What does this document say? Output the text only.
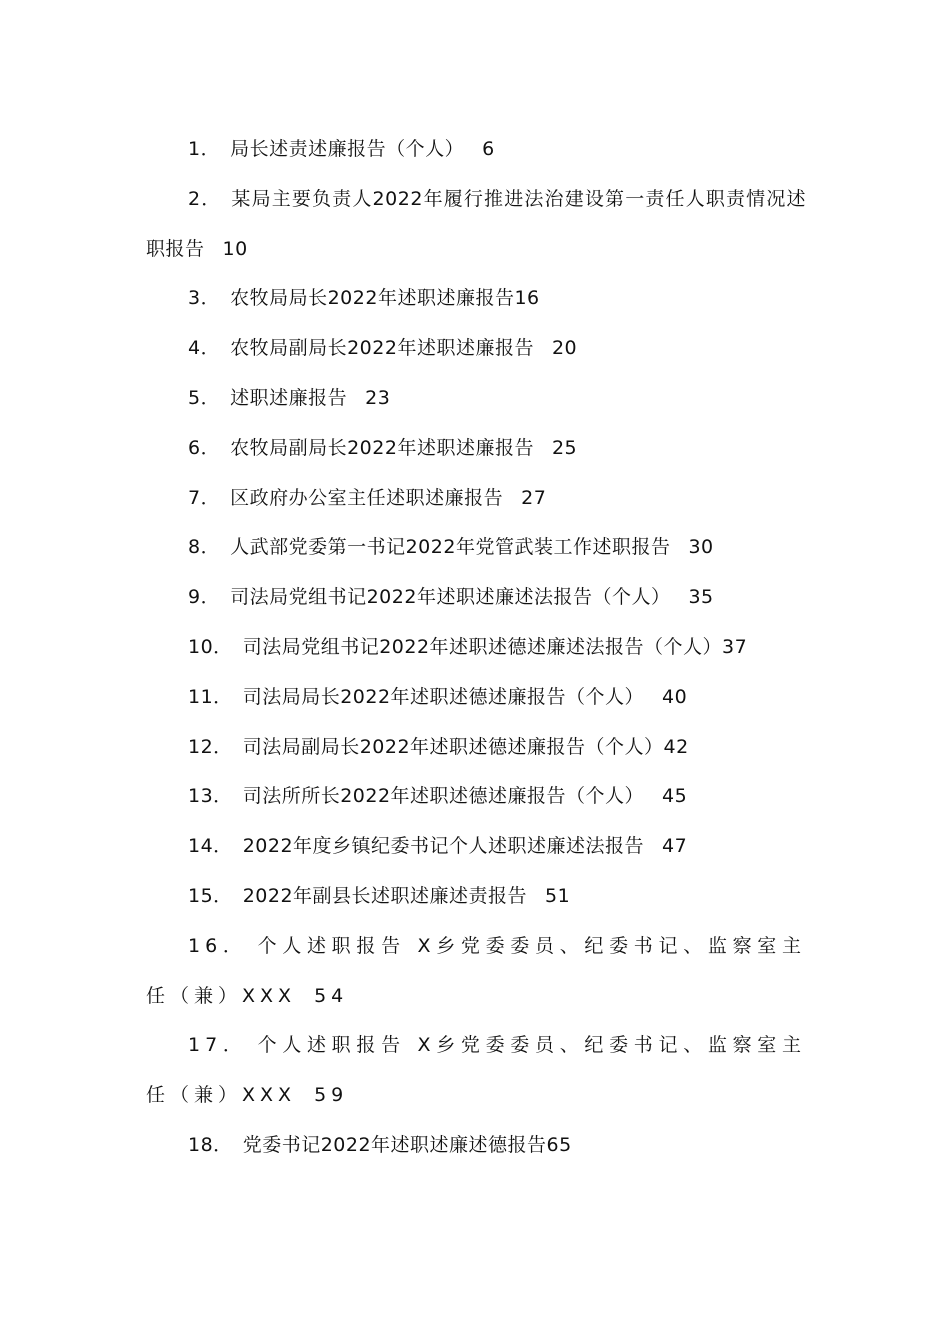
1． 局长述责述廉报告（个人） 6

2． 某局主要负责人2022年履行推进法治建设第一责任人职责情况述职报告 10

3． 农牧局局长2022年述职述廉报告16

4． 农牧局副局长2022年述职述廉报告 20

5． 述职述廉报告 23

6． 农牧局副局长2022年述职述廉报告 25

7． 区政府办公室主任述职述廉报告 27

8． 人武部党委第一书记2022年党管武装工作述职报告 30

9． 司法局党组书记2022年述职述廉述法报告（个人） 35

10． 司法局党组书记2022年述职述德述廉述法报告（个人）37

11． 司法局局长2022年述职述德述廉报告（个人） 40

12． 司法局副局长2022年述职述德述廉报告（个人）42

13． 司法所所长2022年述职述德述廉报告（个人） 45

14． 2022年度乡镇纪委书记个人述职述廉述法报告 47

15． 2022年副县长述职述廉述责报告 51

16． 个人述职报告 X乡党委委员、纪委书记、监察室主任（兼）XXX 54

17． 个人述职报告 X乡党委委员、纪委书记、监察室主任（兼）XXX 59

18． 党委书记2022年述职述廉述德报告65
